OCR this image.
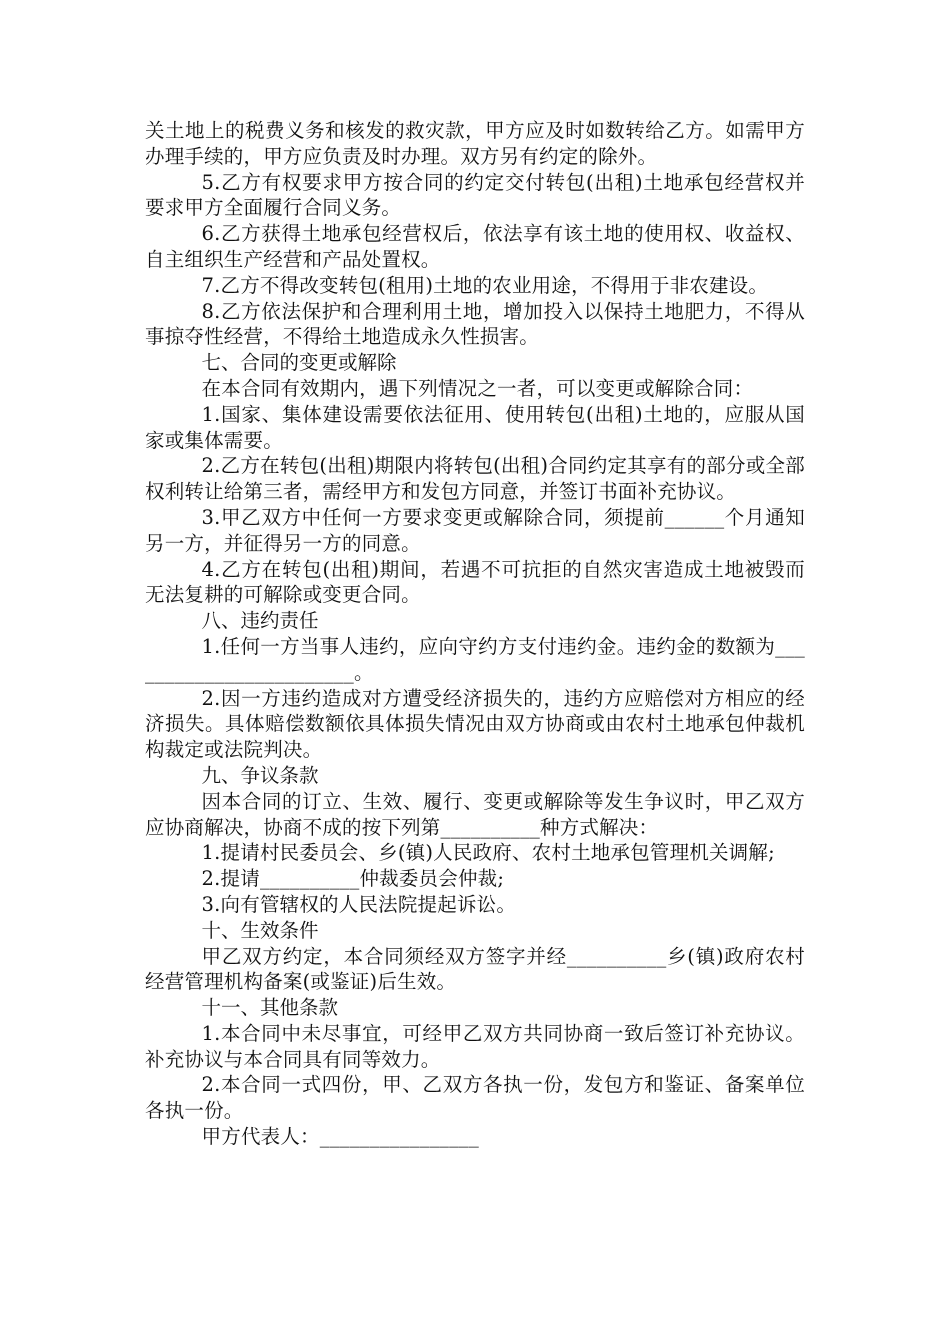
关土地上的税费义务和核发的救灾款，甲方应及时如数转给乙方。如需甲方办理手续的，甲方应负责及时办理。双方另有约定的除外。

5.乙方有权要求甲方按合同的约定交付转包(出租)土地承包经营权并要求甲方全面履行合同义务。

6.乙方获得土地承包经营权后，依法享有该土地的使用权、收益权、自主组织生产经营和产品处置权。

7.乙方不得改变转包(租用)土地的农业用途，不得用于非农建设。

8.乙方依法保护和合理利用土地，增加投入以保持土地肥力，不得从事掠夺性经营，不得给土地造成永久性损害。

七、合同的变更或解除

在本合同有效期内，遇下列情况之一者，可以变更或解除合同：

1.国家、集体建设需要依法征用、使用转包(出租)土地的，应服从国家或集体需要。

2.乙方在转包(出租)期限内将转包(出租)合同约定其享有的部分或全部权利转让给第三者，需经甲方和发包方同意，并签订书面补充协议。

3.甲乙双方中任何一方要求变更或解除合同，须提前______个月通知另一方，并征得另一方的同意。

4.乙方在转包(出租)期间，若遇不可抗拒的自然灾害造成土地被毁而无法复耕的可解除或变更合同。

八、违约责任

1.任何一方当事人违约，应向守约方支付违约金。违约金的数额为________________________。

2.因一方违约造成对方遭受经济损失的，违约方应赔偿对方相应的经济损失。具体赔偿数额依具体损失情况由双方协商或由农村土地承包仲裁机构裁定或法院判决。

九、争议条款

因本合同的订立、生效、履行、变更或解除等发生争议时，甲乙双方应协商解决，协商不成的按下列第__________种方式解决：

1.提请村民委员会、乡(镇)人民政府、农村土地承包管理机关调解;

2.提请__________仲裁委员会仲裁;

3.向有管辖权的人民法院提起诉讼。

十、生效条件

甲乙双方约定，本合同须经双方签字并经__________乡(镇)政府农村经营管理机构备案(或鉴证)后生效。

十一、其他条款

1.本合同中未尽事宜，可经甲乙双方共同协商一致后签订补充协议。补充协议与本合同具有同等效力。

2.本合同一式四份，甲、乙双方各执一份，发包方和鉴证、备案单位各执一份。

甲方代表人：________________
